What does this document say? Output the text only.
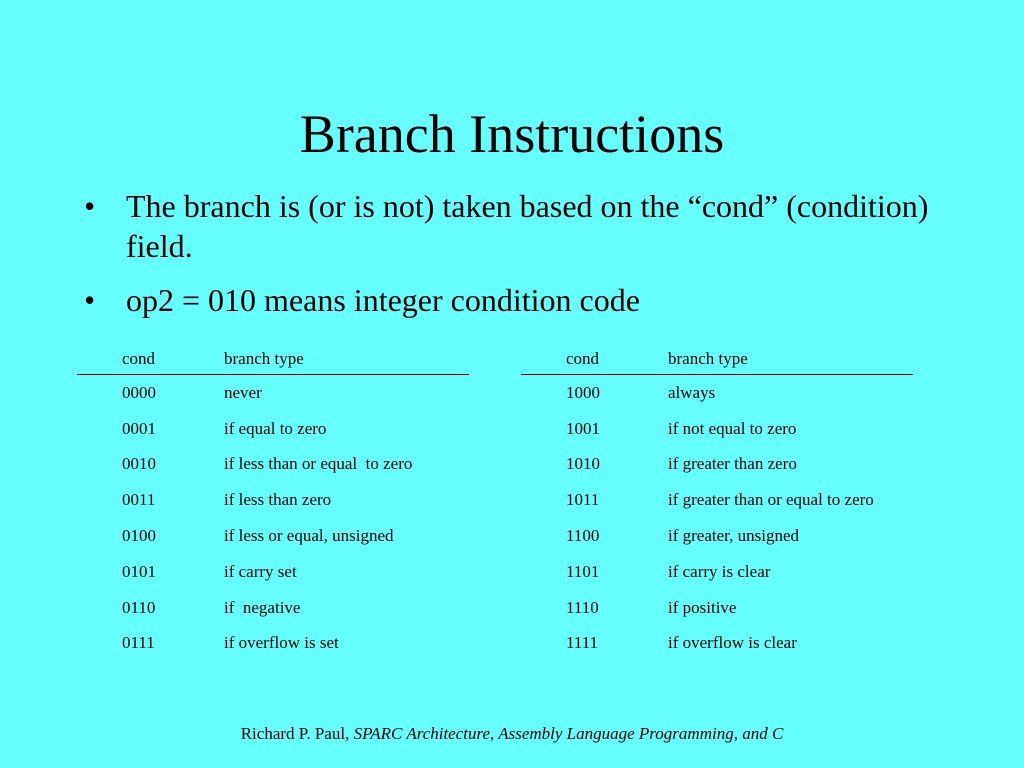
Branch Instructions
• The branch is (or is not) taken based on the “cond” (condition) field.
• op2 = 010 means integer condition code
	cond	branch type
	0000	never
	0001	if equal to zero
	0010	if less than or equal  to zero
	0011	if less than zero
	0100	if less or equal, unsigned
	0101	if carry set
	0110	if  negative
	0111	if overflow is set
	cond	branch type
	1000	always
	1001	if not equal to zero
	1010	if greater than zero
	1011	if greater than or equal to zero
	1100	if greater, unsigned
	1101	if carry is clear
	1110	if positive
	1111	if overflow is clear
Richard P. Paul, SPARC Architecture, Assembly Language Programming, and C
